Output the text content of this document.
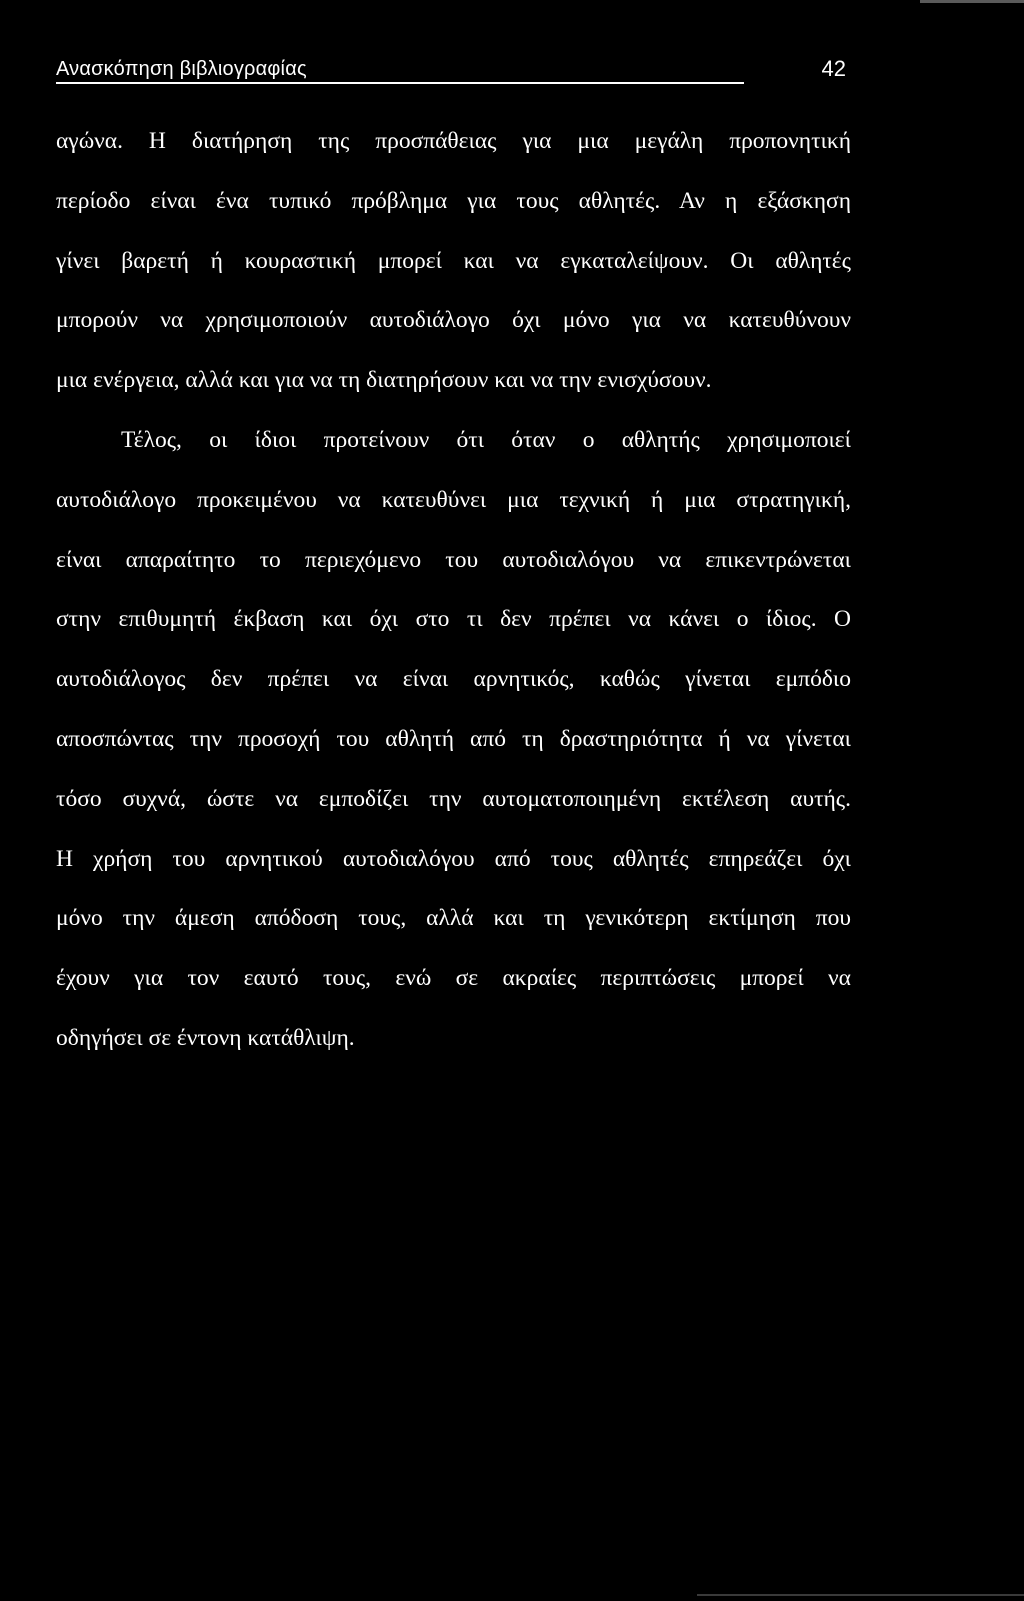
Ανασκόπηση βιβλιογραφίας	42
αγώνα. Η διατήρηση της προσπάθειας για μια μεγάλη προπονητική
περίοδο είναι ένα τυπικό πρόβλημα για τους αθλητές. Αν η εξάσκηση
γίνει βαρετή ή κουραστική μπορεί και να εγκαταλείψουν. Οι αθλητές
μπορούν να χρησιμοποιούν αυτοδιάλογο όχι μόνο για να κατευθύνουν
μια ενέργεια, αλλά και για να τη διατηρήσουν και να την ενισχύσουν.
Τέλος, οι ίδιοι προτείνουν ότι όταν ο αθλητής χρησιμοποιεί
αυτοδιάλογο προκειμένου να κατευθύνει μια τεχνική ή μια στρατηγική,
είναι απαραίτητο το περιεχόμενο του αυτοδιαλόγου να επικεντρώνεται
στην επιθυμητή έκβαση και όχι στο τι δεν πρέπει να κάνει ο ίδιος. Ο
αυτοδιάλογος δεν πρέπει να είναι αρνητικός, καθώς γίνεται εμπόδιο
αποσπώντας την προσοχή του αθλητή από τη δραστηριότητα ή να γίνεται
τόσο συχνά, ώστε να εμποδίζει την αυτοματοποιημένη εκτέλεση αυτής.
Η χρήση του αρνητικού αυτοδιαλόγου από τους αθλητές επηρεάζει όχι
μόνο την άμεση απόδοση τους, αλλά και τη γενικότερη εκτίμηση που
έχουν για τον εαυτό τους, ενώ σε ακραίες περιπτώσεις μπορεί να
οδηγήσει σε έντονη κατάθλιψη.
